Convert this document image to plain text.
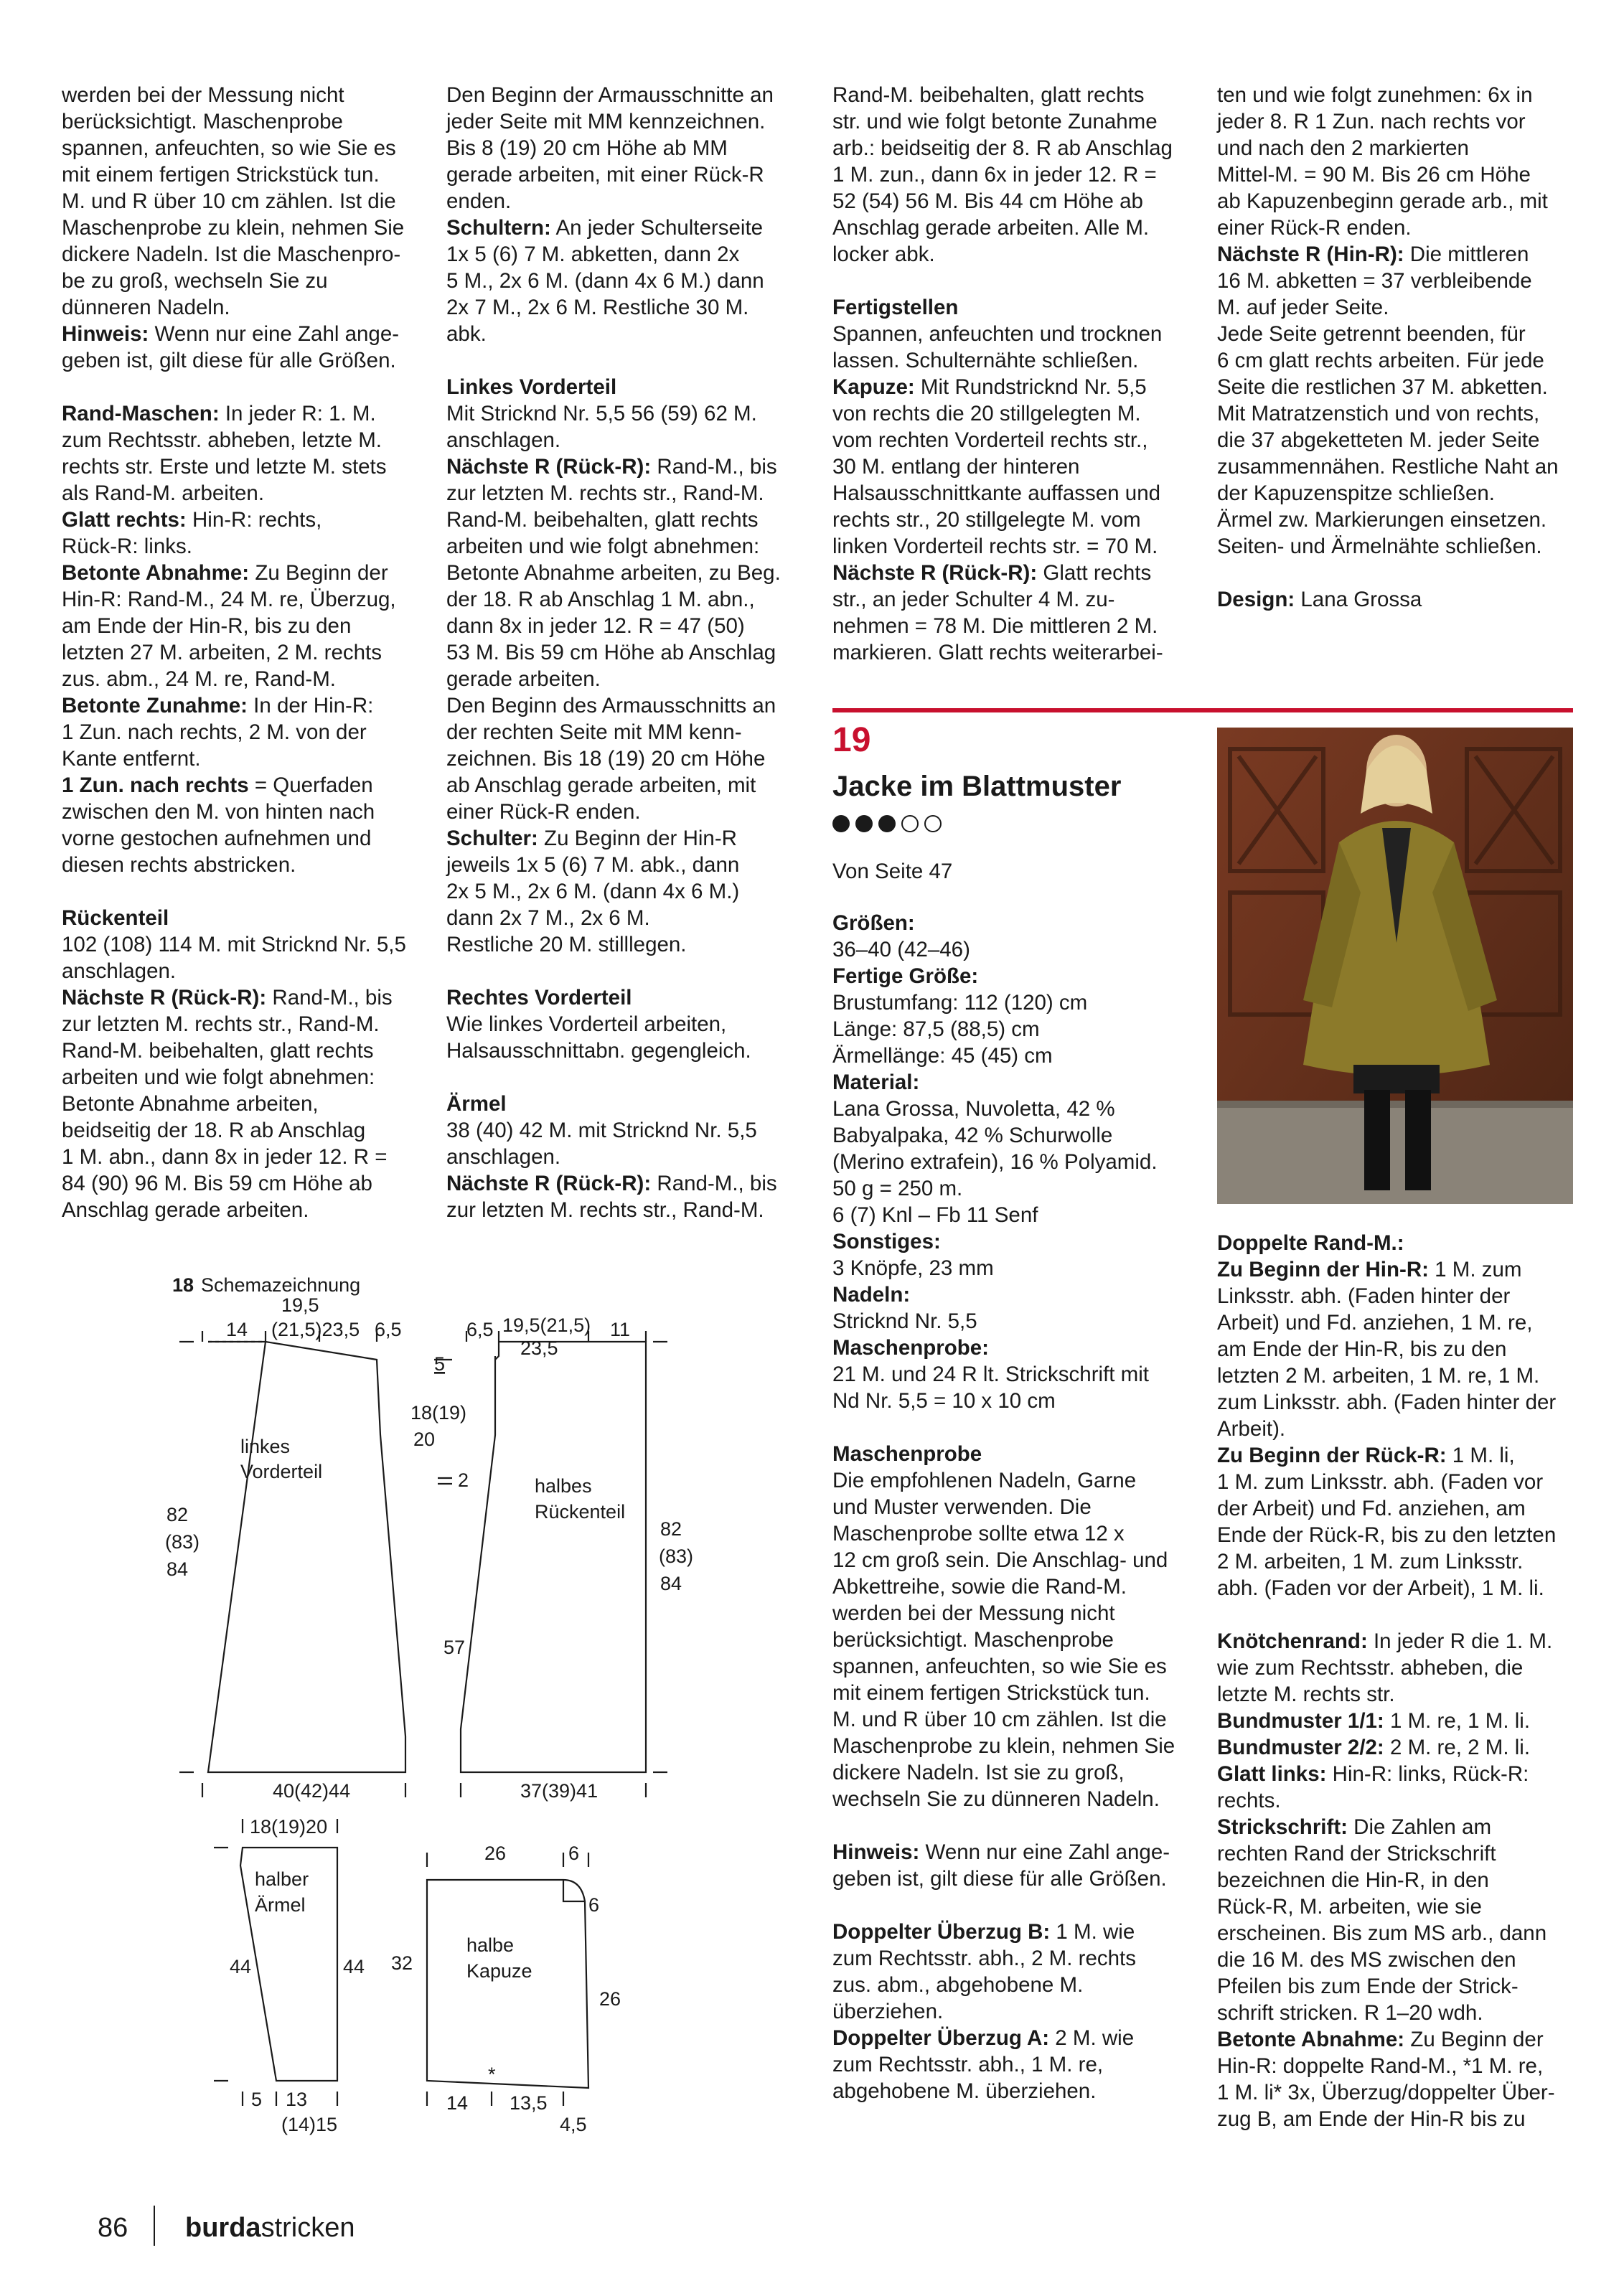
werden bei der Messung nicht

berücksichtigt. Maschenprobe

spannen, anfeuchten, so wie Sie es

mit einem fertigen Strickstück tun.

M. und R über 10 cm zählen. Ist die

Maschenprobe zu klein, nehmen Sie

dickere Nadeln. Ist die Maschenpro-

be zu groß, wechseln Sie zu

dünneren Nadeln.

Hinweis: Wenn nur eine Zahl ange-

geben ist, gilt diese für alle Größen.

Rand-Maschen: In jeder R: 1. M.

zum Rechtsstr. abheben, letzte M.

rechts str. Erste und letzte M. stets

als Rand-M. arbeiten.

Glatt rechts: Hin-R: rechts,

Rück-R: links.

Betonte Abnahme: Zu Beginn der

Hin-R: Rand-M., 24 M. re, Überzug,

am Ende der Hin-R, bis zu den

letzten 27 M. arbeiten, 2 M. rechts

zus. abm., 24 M. re, Rand-M.

Betonte Zunahme: In der Hin-R:

1 Zun. nach rechts, 2 M. von der

Kante entfernt.

1 Zun. nach rechts = Querfaden

zwischen den M. von hinten nach

vorne gestochen aufnehmen und

diesen rechts abstricken.

Rückenteil

102 (108) 114 M. mit Stricknd Nr. 5,5

anschlagen.

Nächste R (Rück-R): Rand-M., bis

zur letzten M. rechts str., Rand-M.

Rand-M. beibehalten, glatt rechts

arbeiten und wie folgt abnehmen:

Betonte Abnahme arbeiten,

beidseitig der 18. R ab Anschlag

1 M. abn., dann 8x in jeder 12. R =

84 (90) 96 M. Bis 59 cm Höhe ab

Anschlag gerade arbeiten.

Den Beginn der Armausschnitte an

jeder Seite mit MM kennzeichnen.

Bis 8 (19) 20 cm Höhe ab MM

gerade arbeiten, mit einer Rück-R

enden.

Schultern: An jeder Schulterseite

1x 5 (6) 7 M. abketten, dann 2x

5 M., 2x 6 M. (dann 4x 6 M.) dann

2x 7 M., 2x 6 M. Restliche 30 M.

abk.

Linkes Vorderteil

Mit Stricknd Nr. 5,5 56 (59) 62 M.

anschlagen.

Nächste R (Rück-R): Rand-M., bis

zur letzten M. rechts str., Rand-M.

Rand-M. beibehalten, glatt rechts

arbeiten und wie folgt abnehmen:

Betonte Abnahme arbeiten, zu Beg.

der 18. R ab Anschlag 1 M. abn.,

dann 8x in jeder 12. R = 47 (50)

53 M. Bis 59 cm Höhe ab Anschlag

gerade arbeiten.

Den Beginn des Armausschnitts an

der rechten Seite mit MM kenn-

zeichnen. Bis 18 (19) 20 cm Höhe

ab Anschlag gerade arbeiten, mit

einer Rück-R enden.

Schulter: Zu Beginn der Hin-R

jeweils 1x 5 (6) 7 M. abk., dann

2x 5 M., 2x 6 M. (dann 4x 6 M.)

dann 2x 7 M., 2x 6 M.

Restliche 20 M. stilllegen.

Rechtes Vorderteil

Wie linkes Vorderteil arbeiten,

Halsausschnittabn. gegengleich.

Ärmel

38 (40) 42 M. mit Stricknd Nr. 5,5

anschlagen.

Nächste R (Rück-R): Rand-M., bis

zur letzten M. rechts str., Rand-M.

Rand-M. beibehalten, glatt rechts

str. und wie folgt betonte Zunahme

arb.: beidseitig der 8. R ab Anschlag

1 M. zun., dann 6x in jeder 12. R =

52 (54) 56 M. Bis 44 cm Höhe ab

Anschlag gerade arbeiten. Alle M.

locker abk.

Fertigstellen

Spannen, anfeuchten und trocknen

lassen. Schulternähte schließen.

Kapuze: Mit Rundstricknd Nr. 5,5

von rechts die 20 stillgelegten M.

vom rechten Vorderteil rechts str.,

30 M. entlang der hinteren

Halsausschnittkante auffassen und

rechts str., 20 stillgelegte M. vom

linken Vorderteil rechts str. = 70 M.

Nächste R (Rück-R): Glatt rechts

str., an jeder Schulter 4 M. zu-

nehmen = 78 M. Die mittleren 2 M.

markieren. Glatt rechts weiterarbei-

ten und wie folgt zunehmen: 6x in

jeder 8. R 1 Zun. nach rechts vor

und nach den 2 markierten

Mittel-M. = 90 M. Bis 26 cm Höhe

ab Kapuzenbeginn gerade arb., mit

einer Rück-R enden.

Nächste R (Hin-R): Die mittleren

16 M. abketten = 37 verbleibende

M. auf jeder Seite.

Jede Seite getrennt beenden, für

6 cm glatt rechts arbeiten. Für jede

Seite die restlichen 37 M. abketten.

Mit Matratzenstich und von rechts,

die 37 abgeketteten M. jeder Seite

zusammennähen. Restliche Naht an

der Kapuzenspitze schließen.

Ärmel zw. Markierungen einsetzen.

Seiten- und Ärmelnähte schließen.

Design: Lana Grossa

19
Jacke im Blattmuster
Von Seite 47

Größen:

36–40 (42–46)

Fertige Größe:

Brustumfang: 112 (120) cm

Länge: 87,5 (88,5) cm

Ärmellänge: 45 (45) cm

Material:

Lana Grossa, Nuvoletta, 42 %

Babyalpaka, 42 % Schurwolle

(Merino extrafein), 16 % Polyamid.

50 g = 250 m.

6 (7) Knl – Fb 11 Senf

Sonstiges:

3 Knöpfe, 23 mm

Nadeln:

Stricknd Nr. 5,5

Maschenprobe:

21 M. und 24 R lt. Strickschrift mit

Nd Nr. 5,5 = 10 x 10 cm

Maschenprobe

Die empfohlenen Nadeln, Garne

und Muster verwenden. Die

Maschenprobe sollte etwa 12 x

12 cm groß sein. Die Anschlag- und

Abkettreihe, sowie die Rand-M.

werden bei der Messung nicht

berücksichtigt. Maschenprobe

spannen, anfeuchten, so wie Sie es

mit einem fertigen Strickstück tun.

M. und R über 10 cm zählen. Ist die

Maschenprobe zu klein, nehmen Sie

dickere Nadeln. Ist sie zu groß,

wechseln Sie zu dünneren Nadeln.

Hinweis: Wenn nur eine Zahl ange-

geben ist, gilt diese für alle Größen.

Doppelter Überzug B: 1 M. wie

zum Rechtsstr. abh., 2 M. rechts

zus. abm., abgehobene M.

überziehen.

Doppelter Überzug A: 2 M. wie

zum Rechtsstr. abh., 1 M. re,

abgehobene M. überziehen.

Doppelte Rand-M.:

Zu Beginn der Hin-R: 1 M. zum

Linksstr. abh. (Faden hinter der

Arbeit) und Fd. anziehen, 1 M. re,

am Ende der Hin-R, bis zu den

letzten 2 M. arbeiten, 1 M. re, 1 M.

zum Linksstr. abh. (Faden hinter der

Arbeit).

Zu Beginn der Rück-R: 1 M. li,

1 M. zum Linksstr. abh. (Faden vor

der Arbeit) und Fd. anziehen, am

Ende der Rück-R, bis zu den letzten

2 M. arbeiten, 1 M. zum Linksstr.

abh. (Faden vor der Arbeit), 1 M. li.

Knötchenrand: In jeder R die 1. M.

wie zum Rechtsstr. abheben, die

letzte M. rechts str.

Bundmuster 1/1: 1 M. re, 1 M. li.

Bundmuster 2/2: 2 M. re, 2 M. li.

Glatt links: Hin-R: links, Rück-R:

rechts.

Strickschrift: Die Zahlen am

rechten Rand der Strickschrift

bezeichnen die Hin-R, in den

Rück-R, M. arbeiten, wie sie

erscheinen. Bis zum MS arb., dann

die 16 M. des MS zwischen den

Pfeilen bis zum Ende der Strick-

schrift stricken. R 1–20 wdh.

Betonte Abnahme: Zu Beginn der

Hin-R: doppelte Rand-M., *1 M. re,

1 M. li* 3x, Überzug/doppelter Über-

zug B, am Ende der Hin-R bis zu

18 Schemazeichnung
14
19,5
(21,5)23,5 6,5
linkes
Vorderteil
82
(83)
84
40(42)44
6,5 19,5(21,5)
23,5
11
5
18(19)
20
2	halbes
Rückenteil
57
82
(83)
84
37(39)41
18(19)20
halber
Ärmel
44	44
5 13
(14)15
26	6
6
halbe
Kapuze
32
26
*
14 13,5
4,5
86 burdastricken
